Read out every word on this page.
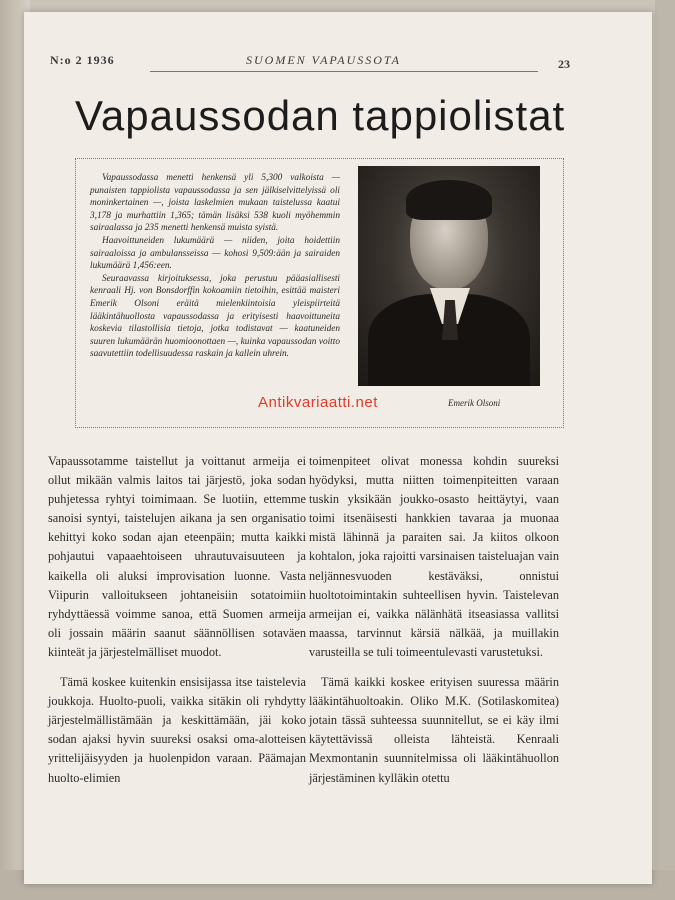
N:o 2 1936	SUOMEN VAPAUSSOTA	23
Vapaussodan tappiolistat

Vapaussodassa menetti henkensä yli 5,300 valkoista — punaisten tappiolista vapaussodassa ja sen jälkiselvittelyissä oli moninkertainen —, joista laskelmien mukaan taistelussa kaatui 3,178 ja murhattiin 1,365; tämän lisäksi 538 kuoli myöhemmin sairaalassa ja 235 menetti henkensä muista syistä.

Haavoittuneiden lukumäärä — niiden, joita hoidettiin sairaaloissa ja ambulansseissa — kohosi 9,509:ään ja sairaiden lukumäärä 1,456:een.

Seuraavassa kirjoituksessa, joka perustuu pääasiallisesti kenraali Hj. von Bonsdorffin kokoamiin tietoihin, esittää maisteri Emerik Olsoni eräitä mielenkiintoisia yleispiirteitä lääkintähuollosta vapaussodassa ja erityisesti haavoittuneita koskevia tilastollisia tietoja, jotka todistavat — kaatuneiden suuren lukumäärän huomioonottaen —, kuinka vapaussodan voitto saavutettiin todellisuudessa raskain ja kallein uhrein.

Emerik Olsoni
Antikvariaatti.net

Vapaussotamme taistellut ja voittanut armeija ei ollut mikään valmis laitos tai järjestö, joka sodan puhjetessa ryhtyi toimimaan. Se luotiin, ettemme sanoisi syntyi, taistelujen aikana ja sen organisatio kehittyi koko sodan ajan eteenpäin; mutta kaikki pohjautui vapaaehtoiseen uhrautuvaisuuteen ja kaikella oli aluksi improvisation luonne. Vasta Viipurin valloitukseen johtaneisiin sotatoimiin ryhdyttäessä voimme sanoa, että Suomen armeija oli jossain määrin saanut säännöllisen sotaväen kiinteät ja järjestelmälliset muodot.

Tämä koskee kuitenkin ensisijassa itse taistelevia joukkoja. Huolto-puoli, vaikka sitäkin oli ryhdytty järjestelmällistämään ja keskittämään, jäi koko sodan ajaksi hyvin suureksi osaksi oma-alotteisen yrittelijäisyyden ja huolenpidon varaan. Päämajan huolto-elimien

toimenpiteet olivat monessa kohdin suureksi hyödyksi, mutta niitten toimenpiteitten varaan tuskin yksikään joukko-osasto heittäytyi, vaan toimi itsenäisesti hankkien tavaraa ja muonaa mistä lähinnä ja paraiten sai. Ja kiitos olkoon kohtalon, joka rajoitti varsinaisen taisteluajan vain neljännesvuoden kestäväksi, onnistui huoltotoimintakin suhteellisen hyvin. Taistelevan armeijan ei, vaikka nälänhätä itseasiassa vallitsi maassa, tarvinnut kärsiä nälkää, ja muillakin varusteilla se tuli toimeentulevasti varustetuksi.

Tämä kaikki koskee erityisen suuressa määrin lääkintähuoltoakin. Oliko M.K. (Sotilaskomitea) jotain tässä suhteessa suunnitellut, se ei käy ilmi käytettävissä olleista lähteistä. Kenraali Mexmontanin suunnitelmissa oli lääkintähuollon järjestäminen kylläkin otettu
